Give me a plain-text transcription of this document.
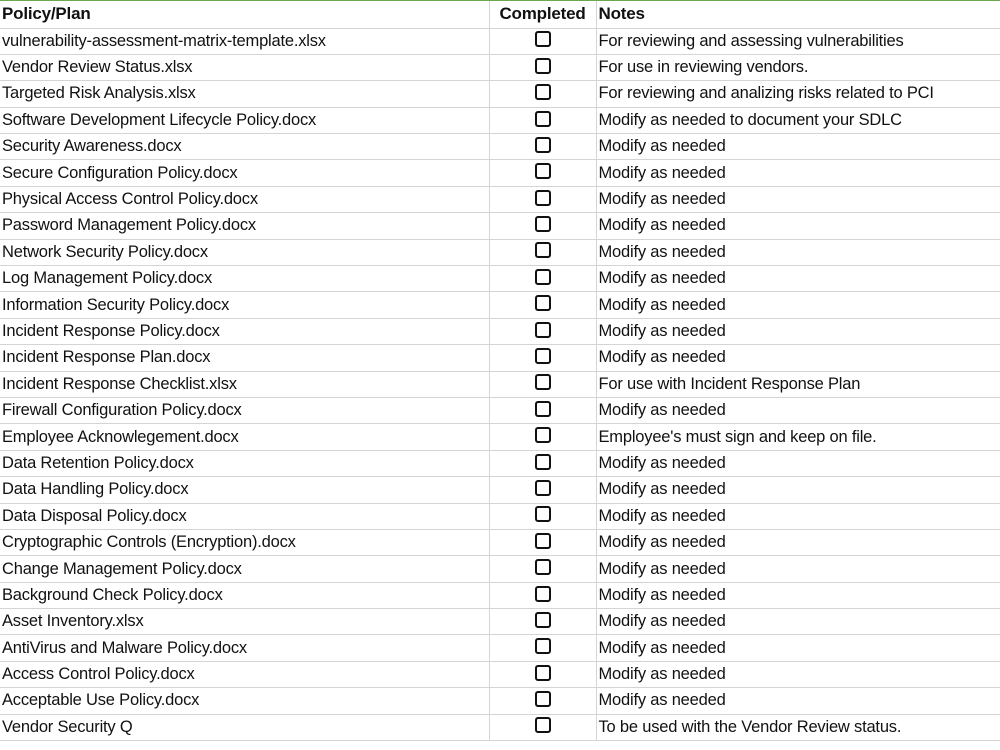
Policy/Plan	Completed	Notes
vulnerability-assessment-matrix-template.xlsx		For reviewing and assessing vulnerabilities
Vendor Review Status.xlsx		For use in reviewing vendors.
Targeted Risk Analysis.xlsx		For reviewing and analizing risks related to PCI
Software Development Lifecycle Policy.docx		Modify as needed to document your SDLC
Security Awareness.docx		Modify as needed
Secure Configuration Policy.docx		Modify as needed
Physical Access Control Policy.docx		Modify as needed
Password Management Policy.docx		Modify as needed
Network Security Policy.docx		Modify as needed
Log Management Policy.docx		Modify as needed
Information Security Policy.docx		Modify as needed
Incident Response Policy.docx		Modify as needed
Incident Response Plan.docx		Modify as needed
Incident Response Checklist.xlsx		For use with Incident Response Plan
Firewall Configuration Policy.docx		Modify as needed
Employee Acknowlegement.docx		Employee's must sign and keep on file.
Data Retention Policy.docx		Modify as needed
Data Handling Policy.docx		Modify as needed
Data Disposal Policy.docx		Modify as needed
Cryptographic Controls (Encryption).docx		Modify as needed
Change Management Policy.docx		Modify as needed
Background Check Policy.docx		Modify as needed
Asset Inventory.xlsx		Modify as needed
AntiVirus and Malware Policy.docx		Modify as needed
Access Control Policy.docx		Modify as needed
Acceptable Use Policy.docx		Modify as needed
Vendor Security Q		To be used with the Vendor Review status.
